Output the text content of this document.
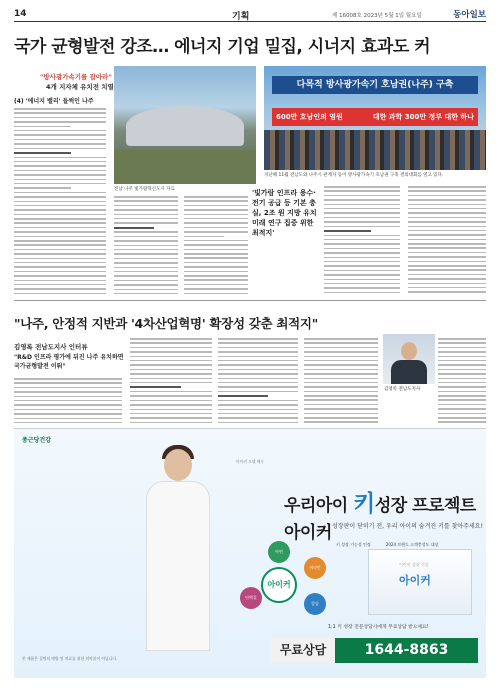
14	기획	제 16008호 2023년 5월 1일 월요일	동아일보
국가 균형발전 강조… 에너지 기업 밀집, 시너지 효과도 커
"방사광가속기를 잡아라"
4개 지자체 유치전 치열
(4) '에너지 밸리' 들썩인 나주
전남 나주 빛가람혁신도시 자료
다목적 방사광가속기 호남권(나주) 구축
600만 호남인의 염원	대한 과학 300만 정부 대한 하나
지난해 11월 전남도와 나주시 관계자 등이 방사광가속기 호남권 구축 결의대회를 열고 있다.

'빛가람 인프라 용수·전기 공급 등 기본 충실, 2조 원 지방 유치 미래 연구 집중 위한 최적지'

"나주, 안정적 지반과 '4차산업혁명' 확장성 갖춘 최적지"
김영록 전남도지사 인터뷰
"R&D 인프라 평가에 뒤진 나주 유치하면 국가균형발전 이뤄"
김영록 전남도지사
종근당건강
아이커 모델 배우
우리아이 키성장 프로젝트 아이커 성장판이 닫히기 전, 우리 아이의 숨겨진 키를 찾아주세요!
키 성장 기능성 인정	2024 브랜드 고객충성도 대상
아연
비타민
칼슘
단백질
아이커
어린이 성장 건강
아이커
1:1 키 성장 전문상담사에게 무료상담 받으세요!
무료상담	1644-8863
본 제품은 질병의 예방 및 치료를 위한 의약품이 아닙니다.
